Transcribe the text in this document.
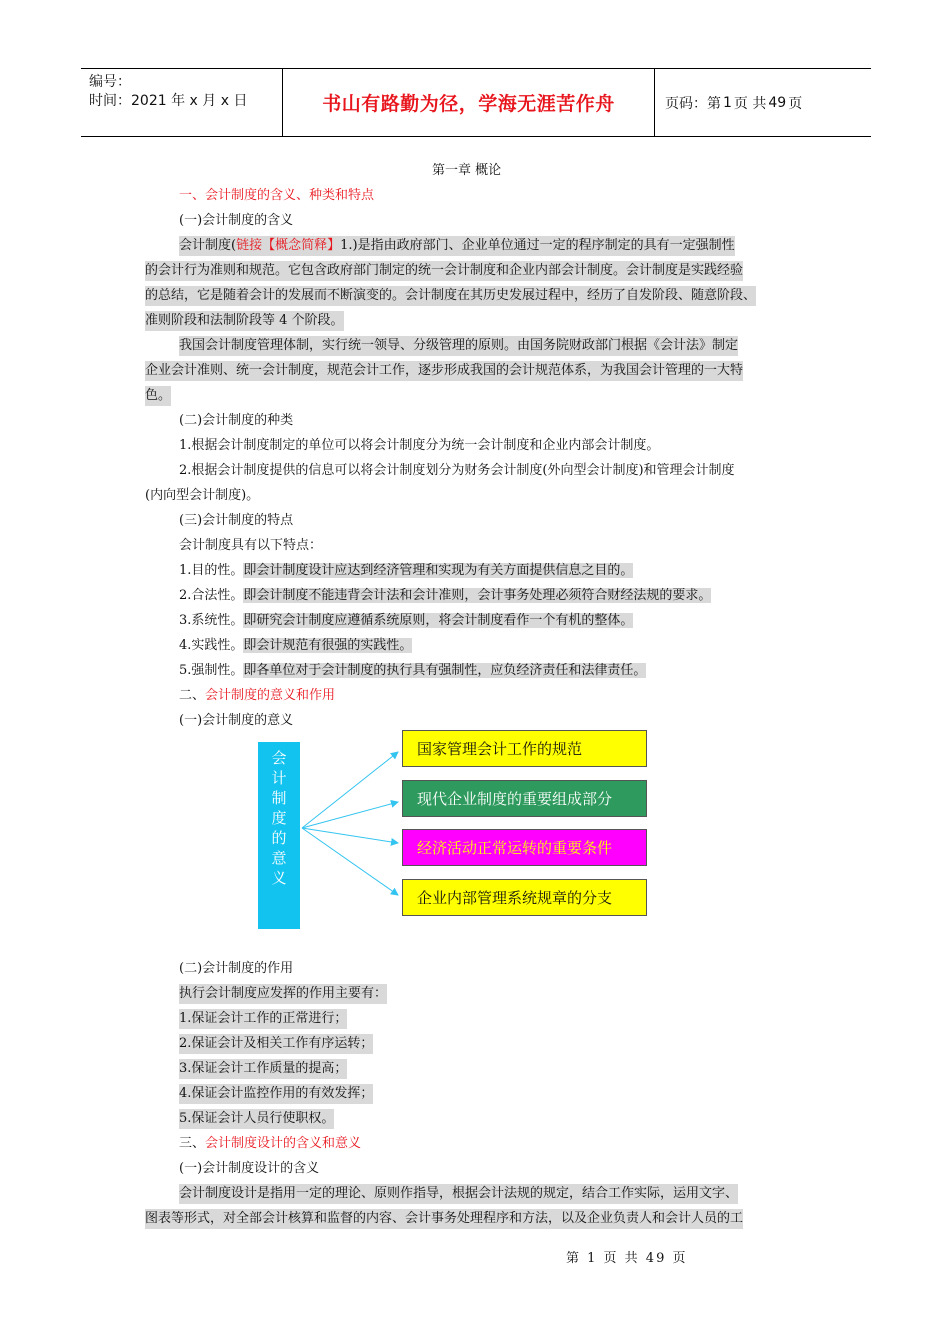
编号：
时间：2021 年 x 月 x 日	书山有路勤为径，学海无涯苦作舟	页码：第 1 页 共 49 页
第一章 概论
一、会计制度的含义、种类和特点
(一)会计制度的含义
会计制度(链接【概念简释】1.)是指由政府部门、企业单位通过一定的程序制定的具有一定强制性
的会计行为准则和规范。它包含政府部门制定的统一会计制度和企业内部会计制度。会计制度是实践经验
的总结，它是随着会计的发展而不断演变的。会计制度在其历史发展过程中，经历了自发阶段、随意阶段、
准则阶段和法制阶段等 4 个阶段。
我国会计制度管理体制，实行统一领导、分级管理的原则。由国务院财政部门根据《会计法》制定
企业会计准则、统一会计制度，规范会计工作，逐步形成我国的会计规范体系，为我国会计管理的一大特
色。
(二)会计制度的种类
1.根据会计制度制定的单位可以将会计制度分为统一会计制度和企业内部会计制度。
2.根据会计制度提供的信息可以将会计制度划分为财务会计制度(外向型会计制度)和管理会计制度
(内向型会计制度)。
(三)会计制度的特点
会计制度具有以下特点：
1.目的性。即会计制度设计应达到经济管理和实现为有关方面提供信息之目的。
2.合法性。即会计制度不能违背会计法和会计准则，会计事务处理必须符合财经法规的要求。
3.系统性。即研究会计制度应遵循系统原则，将会计制度看作一个有机的整体。
4.实践性。即会计规范有很强的实践性。
5.强制性。即各单位对于会计制度的执行具有强制性，应负经济责任和法律责任。
二、会计制度的意义和作用
(一)会计制度的意义
会
计
制
度
的
意
义
国家管理会计工作的规范
现代企业制度的重要组成部分
经济活动正常运转的重要条件
企业内部管理系统规章的分支
(二)会计制度的作用
执行会计制度应发挥的作用主要有：
1.保证会计工作的正常进行；
2.保证会计及相关工作有序运转；
3.保证会计工作质量的提高；
4.保证会计监控作用的有效发挥；
5.保证会计人员行使职权。
三、会计制度设计的含义和意义
(一)会计制度设计的含义
会计制度设计是指用一定的理论、原则作指导，根据会计法规的规定，结合工作实际，运用文字、
图表等形式，对全部会计核算和监督的内容、会计事务处理程序和方法，以及企业负责人和会计人员的工
第 1 页 共 49 页
